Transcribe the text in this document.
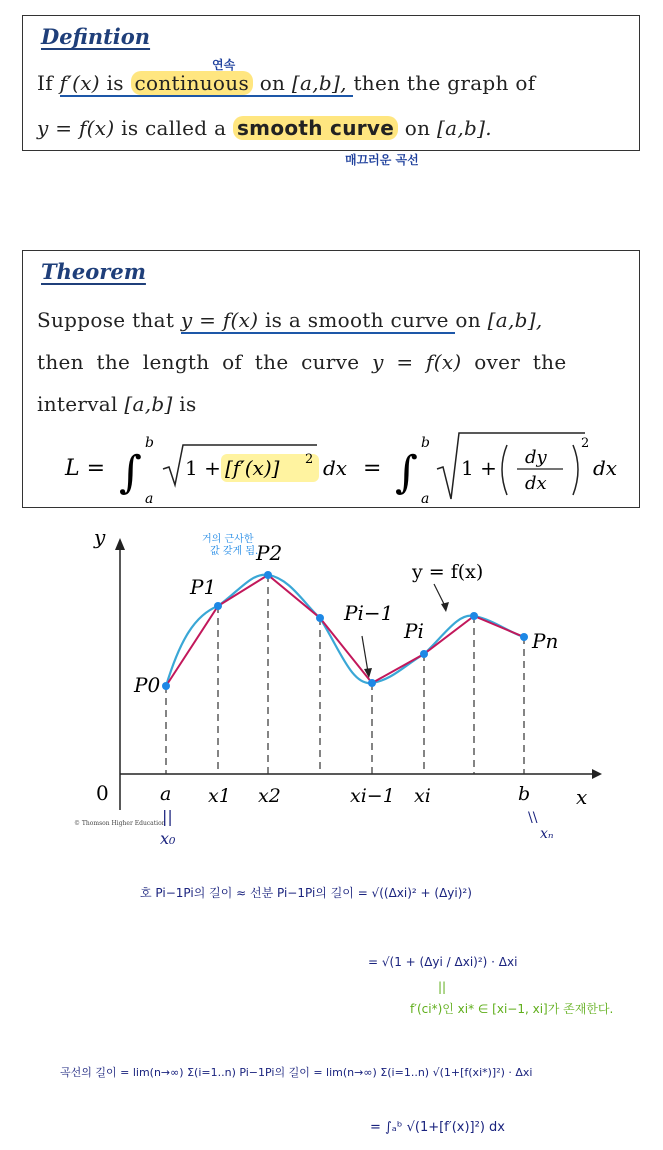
Defintion
If f′(x) is continuous on [a,b], then the graph of
y = f(x) is called a smooth curve on [a,b].
연속
매끄러운 곡선
Theorem
Suppose that y = f(x) is a smooth curve on [a,b],
then the length of the curve y = f(x) over the
interval [a,b] is
L = ∫
b
a
1 + [f′(x)] 2 dx = ∫
b
a
1 + dy
dx
2
dx
y
x
0
P0
P1
P2
Pi−1
Pi	Pn
y = f(x)
a x1 x2	xi−1 xi	b
© Thomson Higher Education
거의 근사한
값 갖게 됨.
||
x₀
\\
xₙ
호 Pi−1Pi의 길이 ≈ 선분 Pi−1Pi의 길이 = √((Δxi)² + (Δyi)²)
= √(1 + (Δyi / Δxi)²) · Δxi
||
f′(ci*)인 xi* ∈ [xi−1, xi]가 존재한다.
곡선의 길이 = lim(n→∞) Σ(i=1..n) Pi−1Pi의 길이 = lim(n→∞) Σ(i=1..n) √(1+[f(xi*)]²) · Δxi
= ∫ₐᵇ √(1+[f′(x)]²) dx
